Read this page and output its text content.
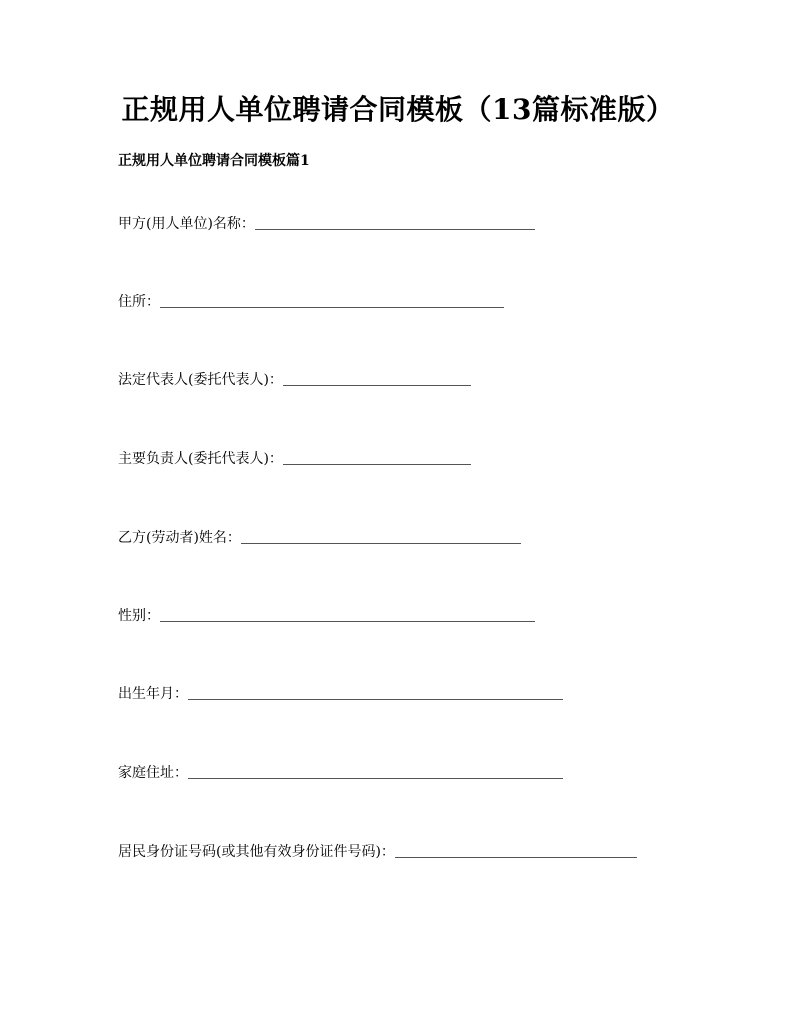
正规用人单位聘请合同模板（13篇标准版）
正规用人单位聘请合同模板篇1
甲方(用人单位)名称：
住所：
法定代表人(委托代表人)：
主要负责人(委托代表人)：
乙方(劳动者)姓名：
性别：
出生年月：
家庭住址：
居民身份证号码(或其他有效身份证件号码)：
